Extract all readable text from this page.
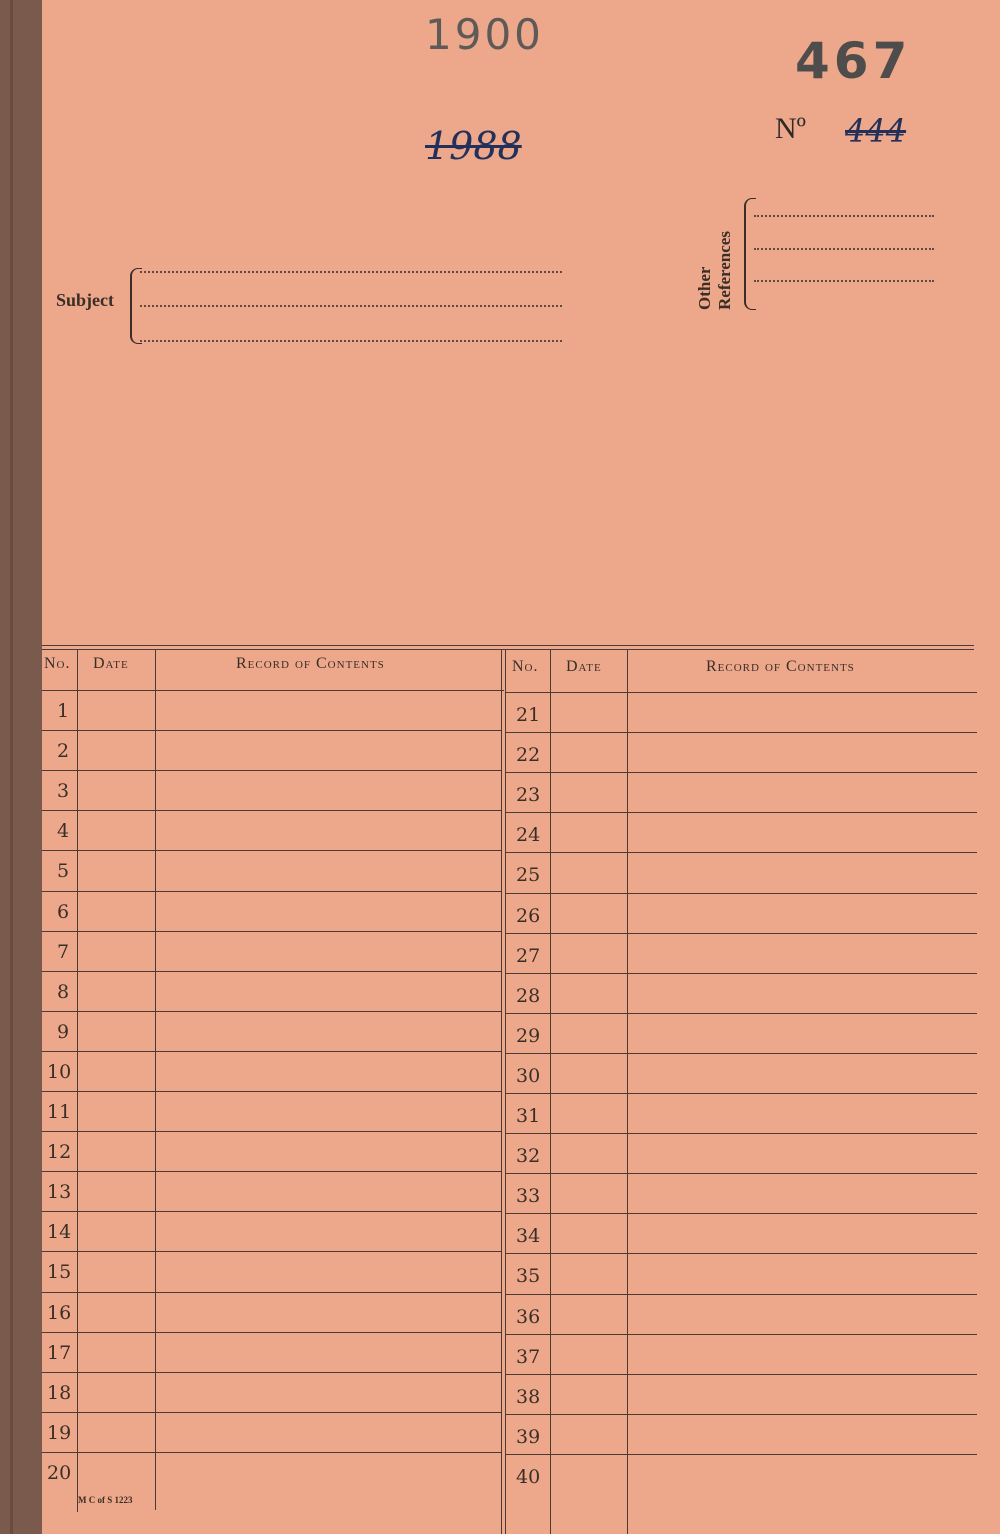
1900	467
1988	Nº 444
Subject	Other References
No. Date	Record of Contents	No. Date	Record of Contents
1
2
3
4
5
6
7
8
9
10
11
12
13
14
15
16
17
18
19
20
21
22
23
24
25
26
27
28
29
30
31
32
33
34
35
36
37
38
39
40
M C of S 1223
